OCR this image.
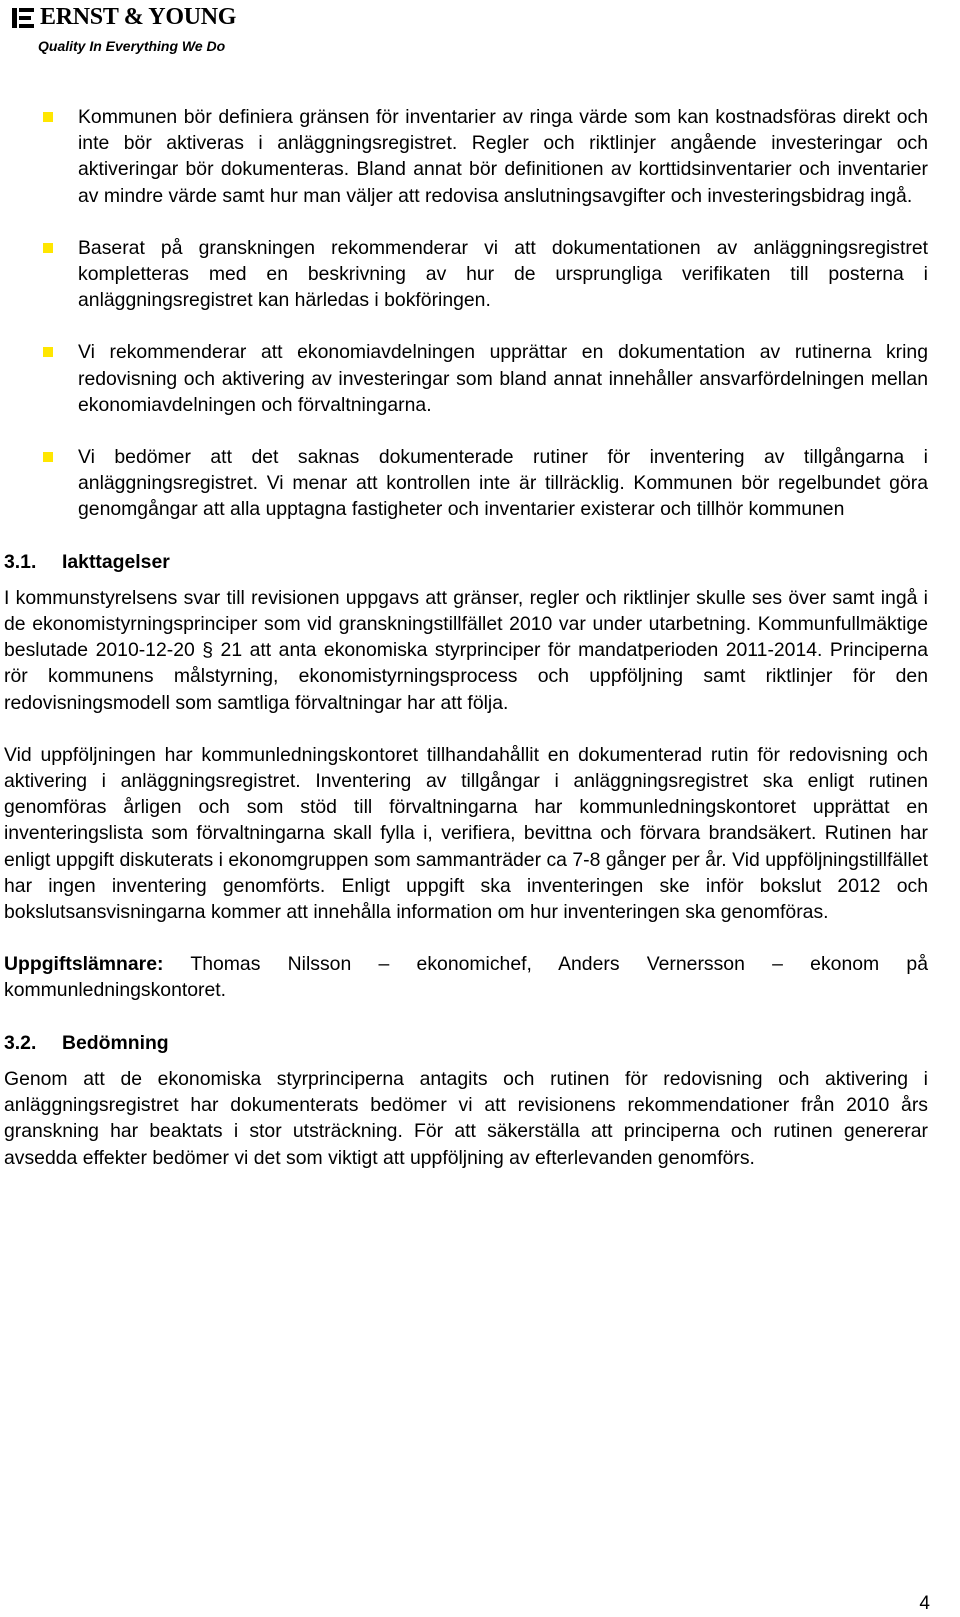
ERNST & YOUNG
Quality In Everything We Do
Kommunen bör definiera gränsen för inventarier av ringa värde som kan kostnadsföras direkt och inte bör aktiveras i anläggningsregistret. Regler och riktlinjer angående investeringar och aktiveringar bör dokumenteras. Bland annat bör definitionen av korttidsinventarier och inventarier av mindre värde samt hur man väljer att redovisa anslutningsavgifter och investeringsbidrag ingå.
Baserat på granskningen rekommenderar vi att dokumentationen av anläggningsregistret kompletteras med en beskrivning av hur de ursprungliga verifikaten till posterna i anläggningsregistret kan härledas i bokföringen.
Vi rekommenderar att ekonomiavdelningen upprättar en dokumentation av rutinerna kring redovisning och aktivering av investeringar som bland annat innehåller ansvarfördelningen mellan ekonomiavdelningen och förvaltningarna.
Vi bedömer att det saknas dokumenterade rutiner för inventering av tillgångarna i anläggningsregistret. Vi menar att kontrollen inte är tillräcklig. Kommunen bör regelbundet göra genomgångar att alla upptagna fastigheter och inventarier existerar och tillhör kommunen
3.1.	Iakttagelser

I kommunstyrelsens svar till revisionen uppgavs att gränser, regler och riktlinjer skulle ses över samt ingå i de ekonomistyrningsprinciper som vid granskningstillfället 2010 var under utarbetning. Kommunfullmäktige beslutade 2010-12-20 § 21 att anta ekonomiska styrprinciper för mandatperioden 2011-2014. Principerna rör kommunens målstyrning, ekonomistyrningsprocess och uppföljning samt riktlinjer för den redovisningsmodell som samtliga förvaltningar har att följa.

Vid uppföljningen har kommunledningskontoret tillhandahållit en dokumenterad rutin för redovisning och aktivering i anläggningsregistret. Inventering av tillgångar i anläggningsregistret ska enligt rutinen genomföras årligen och som stöd till förvaltningarna har kommunledningskontoret upprättat en inventeringslista som förvaltningarna skall fylla i, verifiera, bevittna och förvara brandsäkert. Rutinen har enligt uppgift diskuterats i ekonomgruppen som sammanträder ca 7-8 gånger per år. Vid uppföljningstillfället har ingen inventering genomförts. Enligt uppgift ska inventeringen ske inför bokslut 2012 och bokslutsansvisningarna kommer att innehålla information om hur inventeringen ska genomföras.

Uppgiftslämnare: Thomas Nilsson – ekonomichef, Anders Vernersson – ekonom på kommunledningskontoret.

3.2.	Bedömning

Genom att de ekonomiska styrprinciperna antagits och rutinen för redovisning och aktivering i anläggningsregistret har dokumenterats bedömer vi att revisionens rekommendationer från 2010 års granskning har beaktats i stor utsträckning. För att säkerställa att principerna och rutinen genererar avsedda effekter bedömer vi det som viktigt att uppföljning av efterlevanden genomförs.

4
